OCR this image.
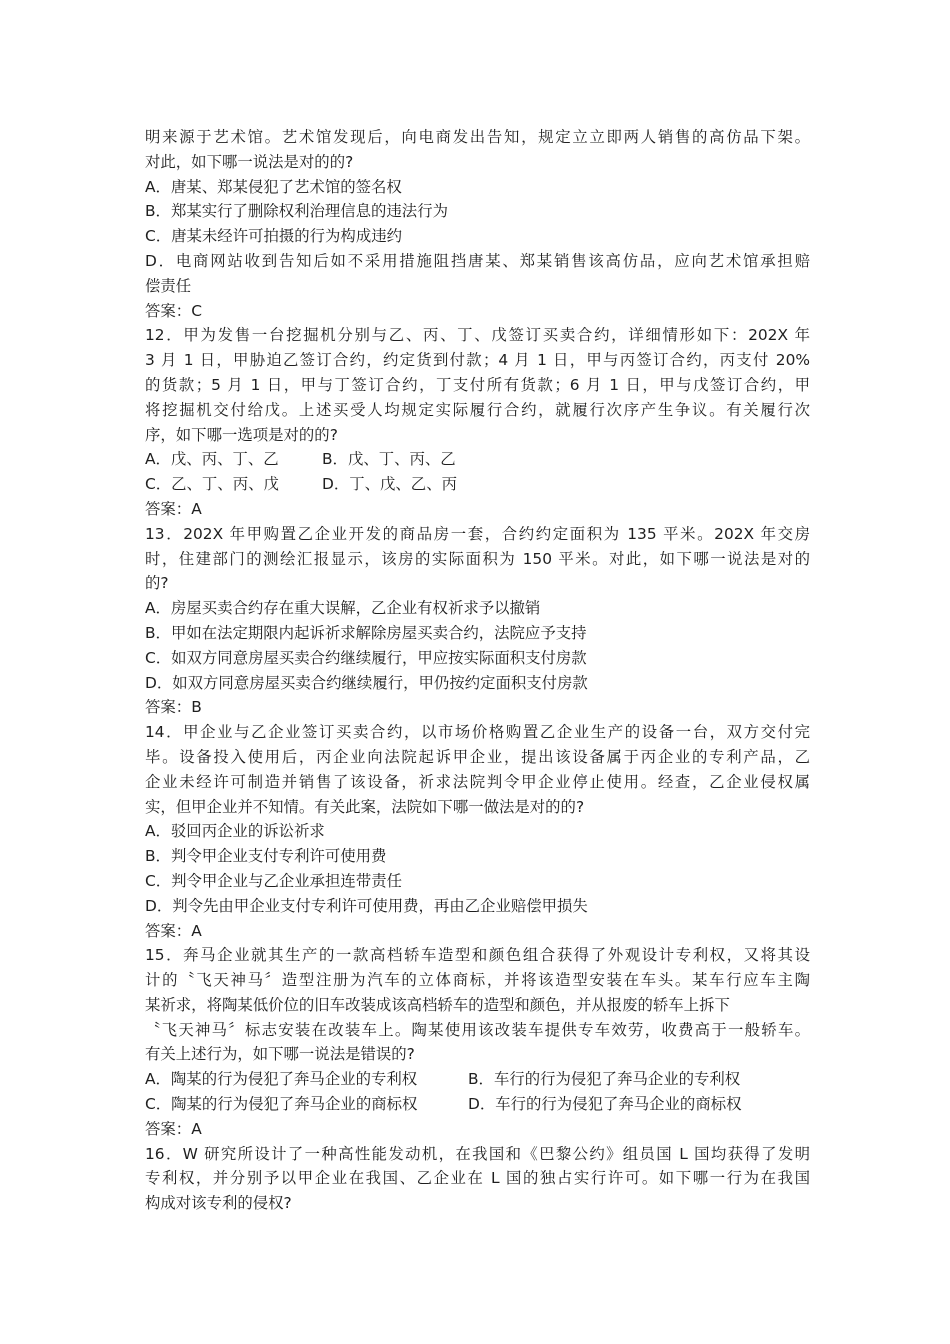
明来源于艺术馆。艺术馆发现后，向电商发出告知，规定立立即两人销售的高仿品下架。
对此，如下哪一说法是对的的?
A．唐某、郑某侵犯了艺术馆的签名权
B．郑某实行了删除权利治理信息的违法行为
C．唐某未经许可拍摄的行为构成违约
D．电商网站收到告知后如不采用措施阻挡唐某、郑某销售该高仿品，应向艺术馆承担赔
偿责任
答案：C
12．甲为发售一台挖掘机分别与乙、丙、丁、戊签订买卖合约，详细情形如下：202X 年
3 月 1 日，甲胁迫乙签订合约，约定货到付款；4 月 1 日，甲与丙签订合约，丙支付 20%
的货款；5 月 1 日，甲与丁签订合约，丁支付所有货款；6 月 1 日，甲与戊签订合约，甲
将挖掘机交付给戊。上述买受人均规定实际履行合约，就履行次序产生争议。有关履行次
序，如下哪一选项是对的的?
A．戊、丙、丁、乙	B．戊、丁、丙、乙
C．乙、丁、丙、戊	D．丁、戊、乙、丙
答案：A
13．202X 年甲购置乙企业开发的商品房一套，合约约定面积为 135 平米。202X 年交房
时，住建部门的测绘汇报显示，该房的实际面积为 150 平米。对此，如下哪一说法是对的
的?
A．房屋买卖合约存在重大误解，乙企业有权祈求予以撤销
B．甲如在法定期限内起诉祈求解除房屋买卖合约，法院应予支持
C．如双方同意房屋买卖合约继续履行，甲应按实际面积支付房款
D．如双方同意房屋买卖合约继续履行，甲仍按约定面积支付房款
答案：B
14．甲企业与乙企业签订买卖合约，以市场价格购置乙企业生产的设备一台，双方交付完
毕。设备投入使用后，丙企业向法院起诉甲企业，提出该设备属于丙企业的专利产品，乙
企业未经许可制造并销售了该设备，祈求法院判令甲企业停止使用。经查，乙企业侵权属
实，但甲企业并不知情。有关此案，法院如下哪一做法是对的的?
A．驳回丙企业的诉讼祈求
B．判令甲企业支付专利许可使用费
C．判令甲企业与乙企业承担连带责任
D．判令先由甲企业支付专利许可使用费，再由乙企业赔偿甲损失
答案：A
15．奔马企业就其生产的一款高档轿车造型和颜色组合获得了外观设计专利权，又将其设
计的〝飞天神马〞造型注册为汽车的立体商标，并将该造型安装在车头。某车行应车主陶
某祈求，将陶某低价位的旧车改装成该高档轿车的造型和颜色，并从报废的轿车上拆下
〝飞天神马〞标志安装在改装车上。陶某使用该改装车提供专车效劳，收费高于一般轿车。
有关上述行为，如下哪一说法是错误的?
A．陶某的行为侵犯了奔马企业的专利权	B．车行的行为侵犯了奔马企业的专利权
C．陶某的行为侵犯了奔马企业的商标权	D．车行的行为侵犯了奔马企业的商标权
答案：A
16．W 研究所设计了一种高性能发动机，在我国和《巴黎公约》组员国 L 国均获得了发明
专利权，并分别予以甲企业在我国、乙企业在 L 国的独占实行许可。如下哪一行为在我国
构成对该专利的侵权?
